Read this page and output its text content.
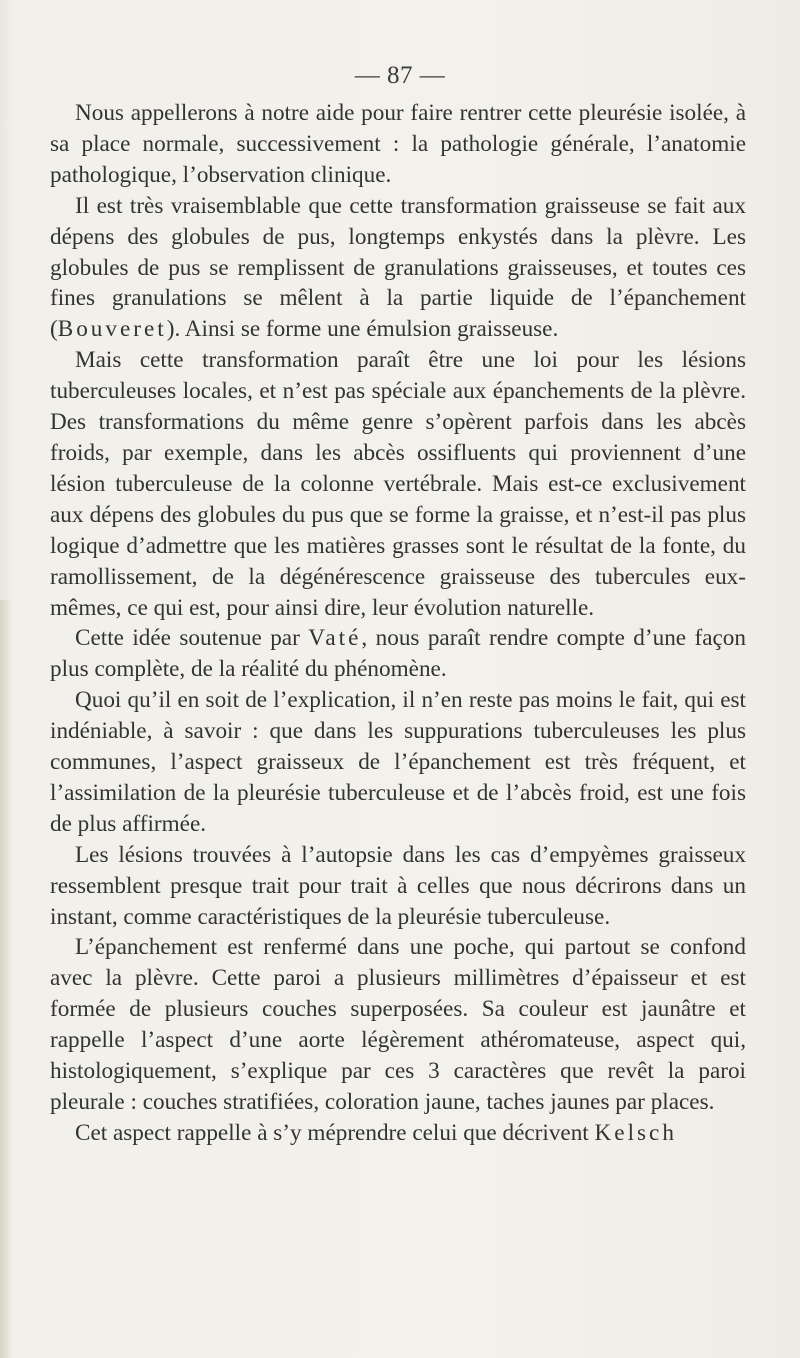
— 87 —

Nous appellerons à notre aide pour faire rentrer cette pleurésie isolée, à sa place normale, successivement : la pathologie générale, l’anatomie pathologique, l’observation clinique.

Il est très vraisemblable que cette transformation graisseuse se fait aux dépens des globules de pus, longtemps enkystés dans la plèvre. Les globules de pus se remplissent de granulations graisseuses, et toutes ces fines granulations se mêlent à la partie liquide de l’épanchement (Bouveret). Ainsi se forme une émulsion graisseuse.

Mais cette transformation paraît être une loi pour les lésions tuberculeuses locales, et n’est pas spéciale aux épanchements de la plèvre. Des transformations du même genre s’opèrent parfois dans les abcès froids, par exemple, dans les abcès ossifluents qui proviennent d’une lésion tuberculeuse de la colonne vertébrale. Mais est-ce exclusivement aux dépens des globules du pus que se forme la graisse, et n’est-il pas plus logique d’admettre que les matières grasses sont le résultat de la fonte, du ramollissement, de la dégénérescence graisseuse des tubercules eux-mêmes, ce qui est, pour ainsi dire, leur évolution naturelle.

Cette idée soutenue par Vaté, nous paraît rendre compte d’une façon plus complète, de la réalité du phénomène.

Quoi qu’il en soit de l’explication, il n’en reste pas moins le fait, qui est indéniable, à savoir : que dans les suppurations tuberculeuses les plus communes, l’aspect graisseux de l’épanchement est très fréquent, et l’assimilation de la pleurésie tuberculeuse et de l’abcès froid, est une fois de plus affirmée.

Les lésions trouvées à l’autopsie dans les cas d’empyèmes graisseux ressemblent presque trait pour trait à celles que nous décrirons dans un instant, comme caractéristiques de la pleurésie tuberculeuse.

L’épanchement est renfermé dans une poche, qui partout se confond avec la plèvre. Cette paroi a plusieurs millimètres d’épaisseur et est formée de plusieurs couches superposées. Sa couleur est jaunâtre et rappelle l’aspect d’une aorte légèrement athéromateuse, aspect qui, histologiquement, s’explique par ces 3 caractères que revêt la paroi pleurale : couches stratifiées, coloration jaune, taches jaunes par places.

Cet aspect rappelle à s’y méprendre celui que décrivent Kelsch
